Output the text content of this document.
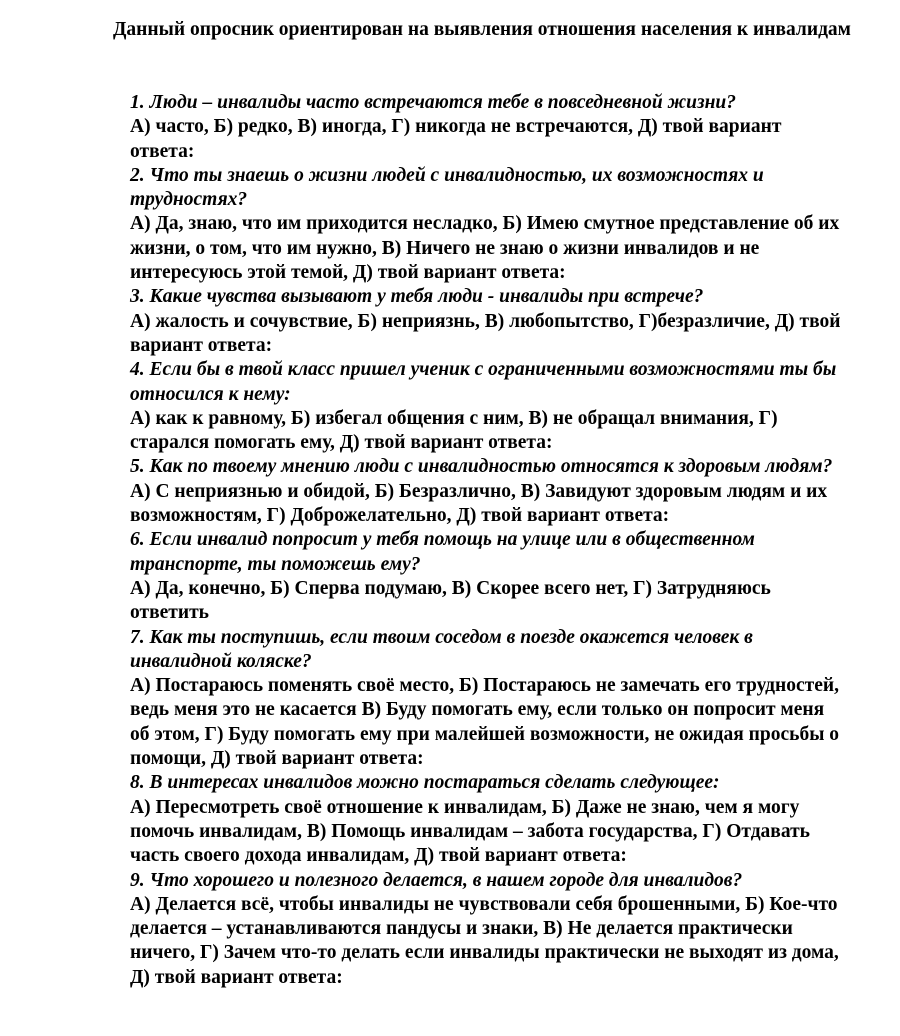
Данный опросник ориентирован на выявления отношения населения к инвалидам
1. Люди – инвалиды часто встречаются тебе в повседневной жизни?
А) часто, Б) редко, В) иногда, Г) никогда не встречаются, Д) твой вариант ответа:
2. Что ты знаешь о жизни людей с инвалидностью, их возможностях и трудностях?
А) Да, знаю, что им приходится несладко, Б) Имею смутное представление об их жизни, о том, что им нужно, В) Ничего не знаю о жизни инвалидов и не интересуюсь этой темой, Д) твой вариант ответа:
3. Какие чувства вызывают у тебя люди - инвалиды при встрече?
А) жалость и сочувствие, Б) неприязнь, В) любопытство, Г)безразличие, Д) твой вариант ответа:
4. Если бы в твой класс пришел ученик с ограниченными возможностями ты бы относился к нему:
А) как к равному, Б) избегал общения с ним, В) не обращал внимания, Г) старался помогать ему, Д) твой вариант ответа:
5. Как по твоему мнению люди с инвалидностью относятся к здоровым людям?
А) С неприязнью и обидой, Б) Безразлично, В) Завидуют здоровым людям и их возможностям, Г) Доброжелательно, Д) твой вариант ответа:
6. Если инвалид попросит у тебя помощь на улице или в общественном транспорте, ты поможешь ему?
А) Да, конечно, Б) Сперва подумаю, В) Скорее всего нет, Г) Затрудняюсь ответить
7. Как ты поступишь, если твоим соседом в поезде окажется человек в инвалидной коляске?
А) Постараюсь поменять своё место, Б) Постараюсь не замечать его трудностей, ведь меня это не касается В) Буду помогать ему, если только он попросит меня об этом, Г) Буду помогать ему при малейшей возможности, не ожидая просьбы о помощи, Д) твой вариант ответа:
8. В интересах инвалидов можно постараться сделать следующее:
А) Пересмотреть своё отношение к инвалидам, Б) Даже не знаю, чем я могу помочь инвалидам, В) Помощь инвалидам – забота государства, Г) Отдавать часть своего дохода инвалидам, Д) твой вариант ответа:
9. Что хорошего и полезного делается, в нашем городе для инвалидов?
А) Делается всё, чтобы инвалиды не чувствовали себя брошенными, Б) Кое-что делается – устанавливаются пандусы и знаки, В) Не делается практически ничего, Г) Зачем что-то делать если инвалиды практически не выходят из дома, Д) твой вариант ответа:
